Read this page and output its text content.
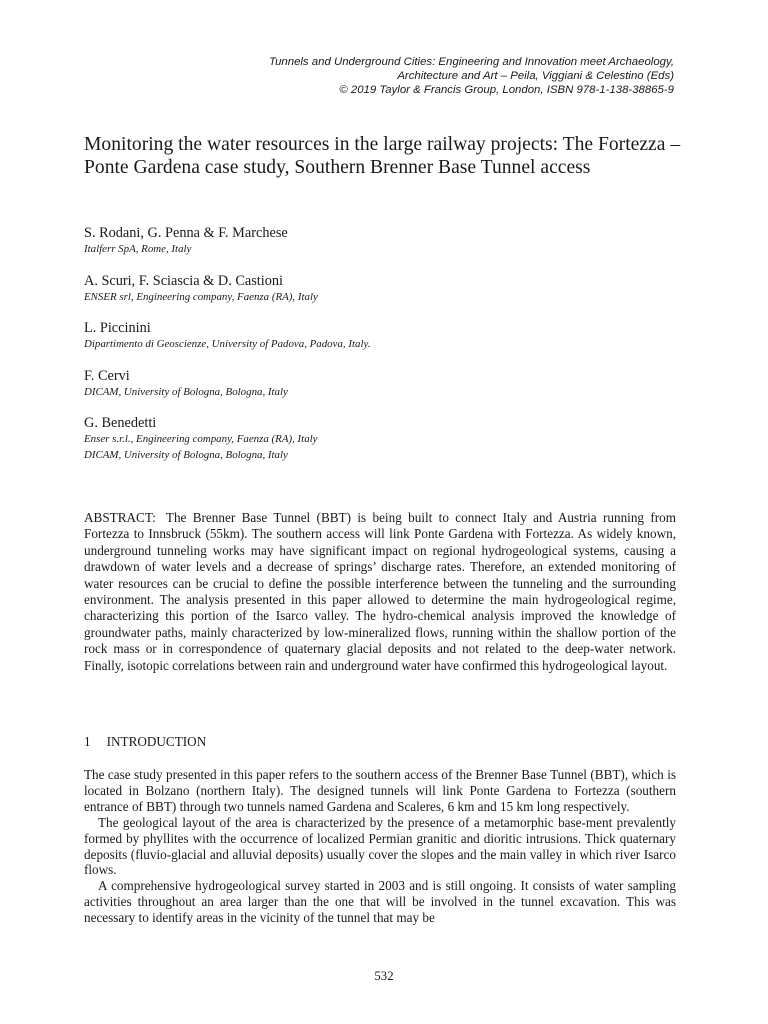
Tunnels and Underground Cities: Engineering and Innovation meet Archaeology,
Architecture and Art – Peila, Viggiani & Celestino (Eds)
© 2019 Taylor & Francis Group, London, ISBN 978-1-138-38865-9
Monitoring the water resources in the large railway projects: The Fortezza – Ponte Gardena case study, Southern Brenner Base Tunnel access
S. Rodani, G. Penna & F. Marchese
Italferr SpA, Rome, Italy
A. Scuri, F. Sciascia & D. Castioni
ENSER srl, Engineering company, Faenza (RA), Italy
L. Piccinini
Dipartimento di Geoscienze, University of Padova, Padova, Italy.
F. Cervi
DICAM, University of Bologna, Bologna, Italy
G. Benedetti
Enser s.r.l., Engineering company, Faenza (RA), Italy
DICAM, University of Bologna, Bologna, Italy

ABSTRACT: The Brenner Base Tunnel (BBT) is being built to connect Italy and Austria running from Fortezza to Innsbruck (55km). The southern access will link Ponte Gardena with Fortezza. As widely known, underground tunneling works may have significant impact on regional hydrogeological systems, causing a drawdown of water levels and a decrease of springs’ discharge rates. Therefore, an extended monitoring of water resources can be crucial to define the possible interference between the tunneling and the surrounding environment. The analysis presented in this paper allowed to determine the main hydrogeological regime, characterizing this portion of the Isarco valley. The hydro-chemical analysis improved the knowledge of groundwater paths, mainly characterized by low-mineralized flows, running within the shallow portion of the rock mass or in correspondence of quaternary glacial deposits and not related to the deep-water network. Finally, isotopic correlations between rain and underground water have confirmed this hydrogeological layout.

1 INTRODUCTION

The case study presented in this paper refers to the southern access of the Brenner Base Tunnel (BBT), which is located in Bolzano (northern Italy). The designed tunnels will link Ponte Gardena to Fortezza (southern entrance of BBT) through two tunnels named Gardena and Scaleres, 6 km and 15 km long respectively.

The geological layout of the area is characterized by the presence of a metamorphic base-ment prevalently formed by phyllites with the occurrence of localized Permian granitic and dioritic intrusions. Thick quaternary deposits (fluvio-glacial and alluvial deposits) usually cover the slopes and the main valley in which river Isarco flows.

A comprehensive hydrogeological survey started in 2003 and is still ongoing. It consists of water sampling activities throughout an area larger than the one that will be involved in the tunnel excavation. This was necessary to identify areas in the vicinity of the tunnel that may be

532
